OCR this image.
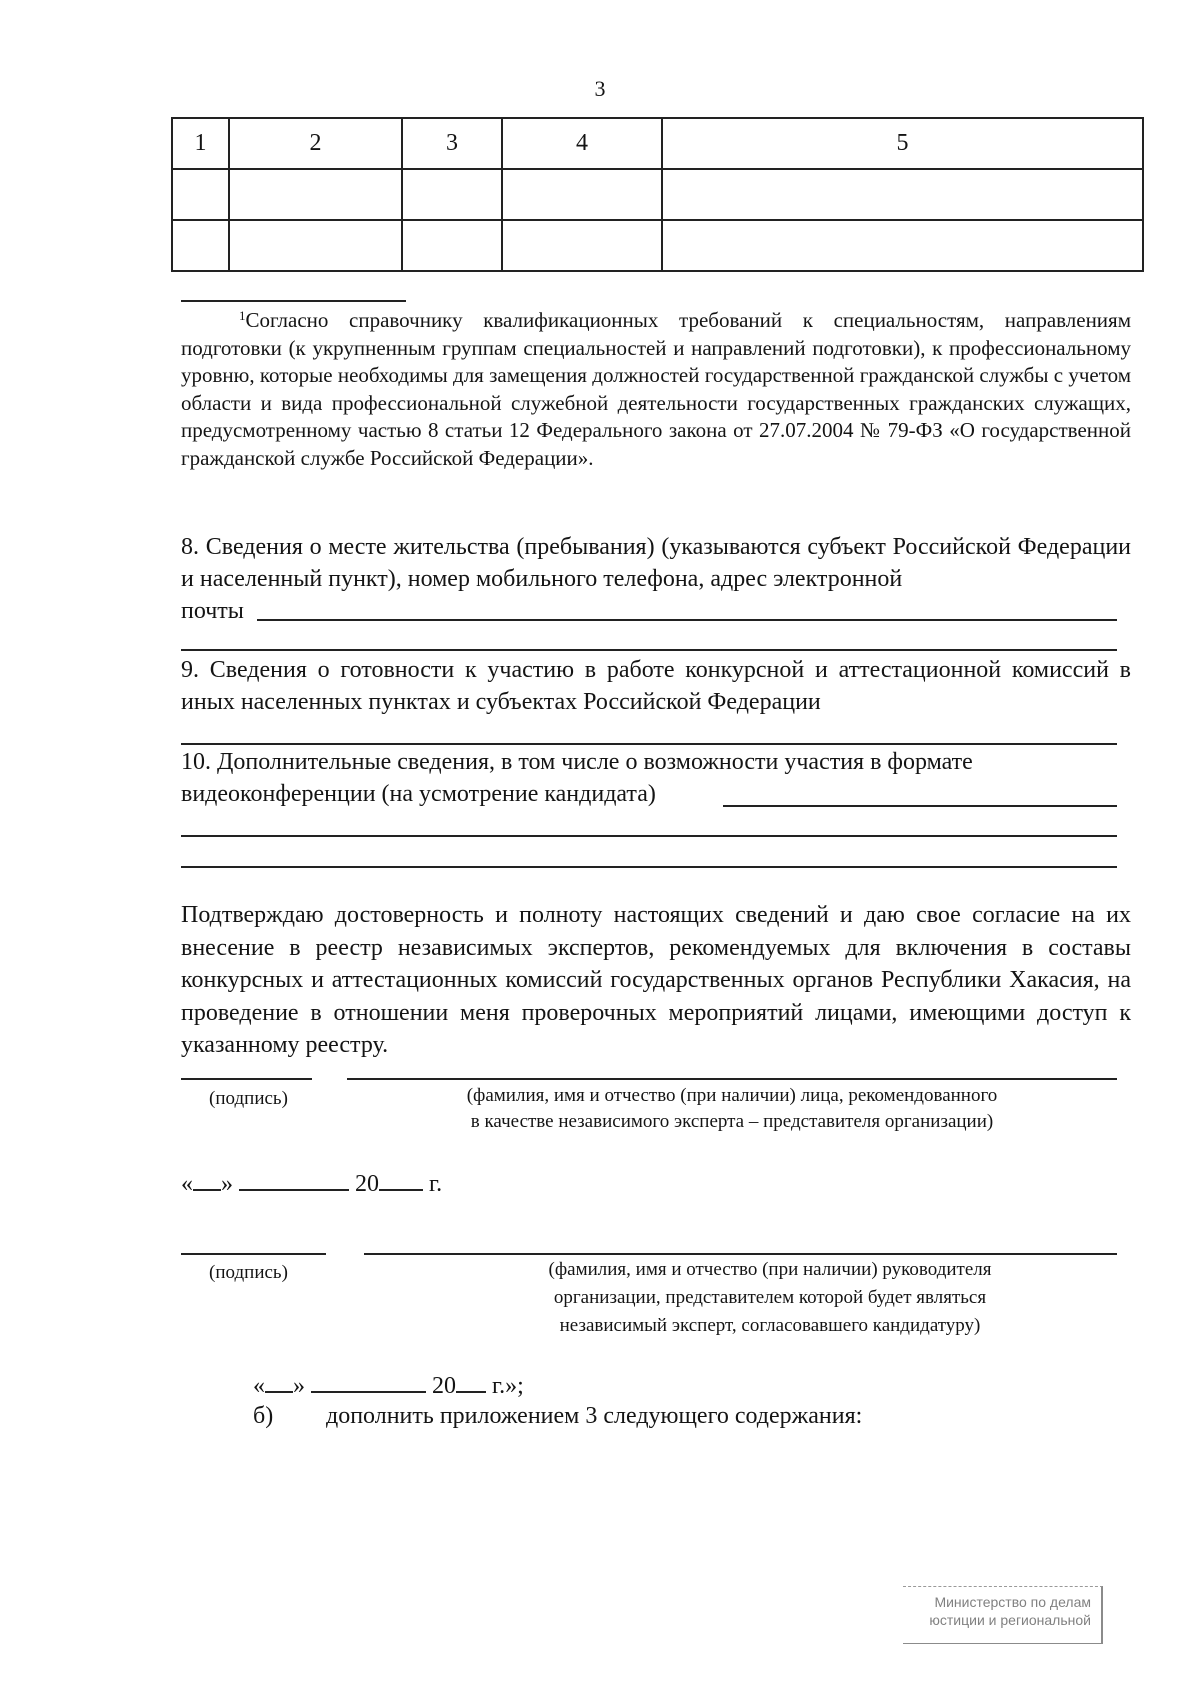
3
1	2	3	4	5

$^1$Согласно справочнику квалификационных требований к специальностям, направлениям подготовки (к укрупненным группам специальностей и направлений подготовки), к профессиональному уровню, которые необходимы для замещения должностей государственной гражданской службы с учетом области и вида профессиональной служебной деятельности государственных гражданских служащих, предусмотренному частью 8 статьи 12 Федерального закона от 27.07.2004 № 79-ФЗ «О государственной гражданской службе Российской Федерации».
8. Сведения о месте жительства (пребывания) (указываются субъект Российской Федерации и населенный пункт), номер мобильного телефона, адрес электронной
почты
9. Сведения о готовности к участию в работе конкурсной и аттестационной комиссий в иных населенных пунктах и субъектах Российской Федерации
10. Дополнительные сведения, в том числе о возможности участия в формате
видеоконференции (на усмотрение кандидата)
Подтверждаю достоверность и полноту настоящих сведений и даю свое согласие на их внесение в реестр независимых экспертов, рекомендуемых для включения в составы конкурсных и аттестационных комиссий государственных органов Республики Хакасия, на проведение в отношении меня проверочных мероприятий лицами, имеющими доступ к указанному реестру.
(подпись)	(фамилия, имя и отчество (при наличии) лица, рекомендованного
в качестве независимого эксперта – представителя организации)
« »	20 г.
(подпись)	(фамилия, имя и отчество (при наличии) руководителя
организации, представителем которой будет являться
независимый эксперт, согласовавшего кандидатуру)
« »	20 г.»;
б) дополнить приложением 3 следующего содержания:
Министерство по делам
юстиции и региональной
